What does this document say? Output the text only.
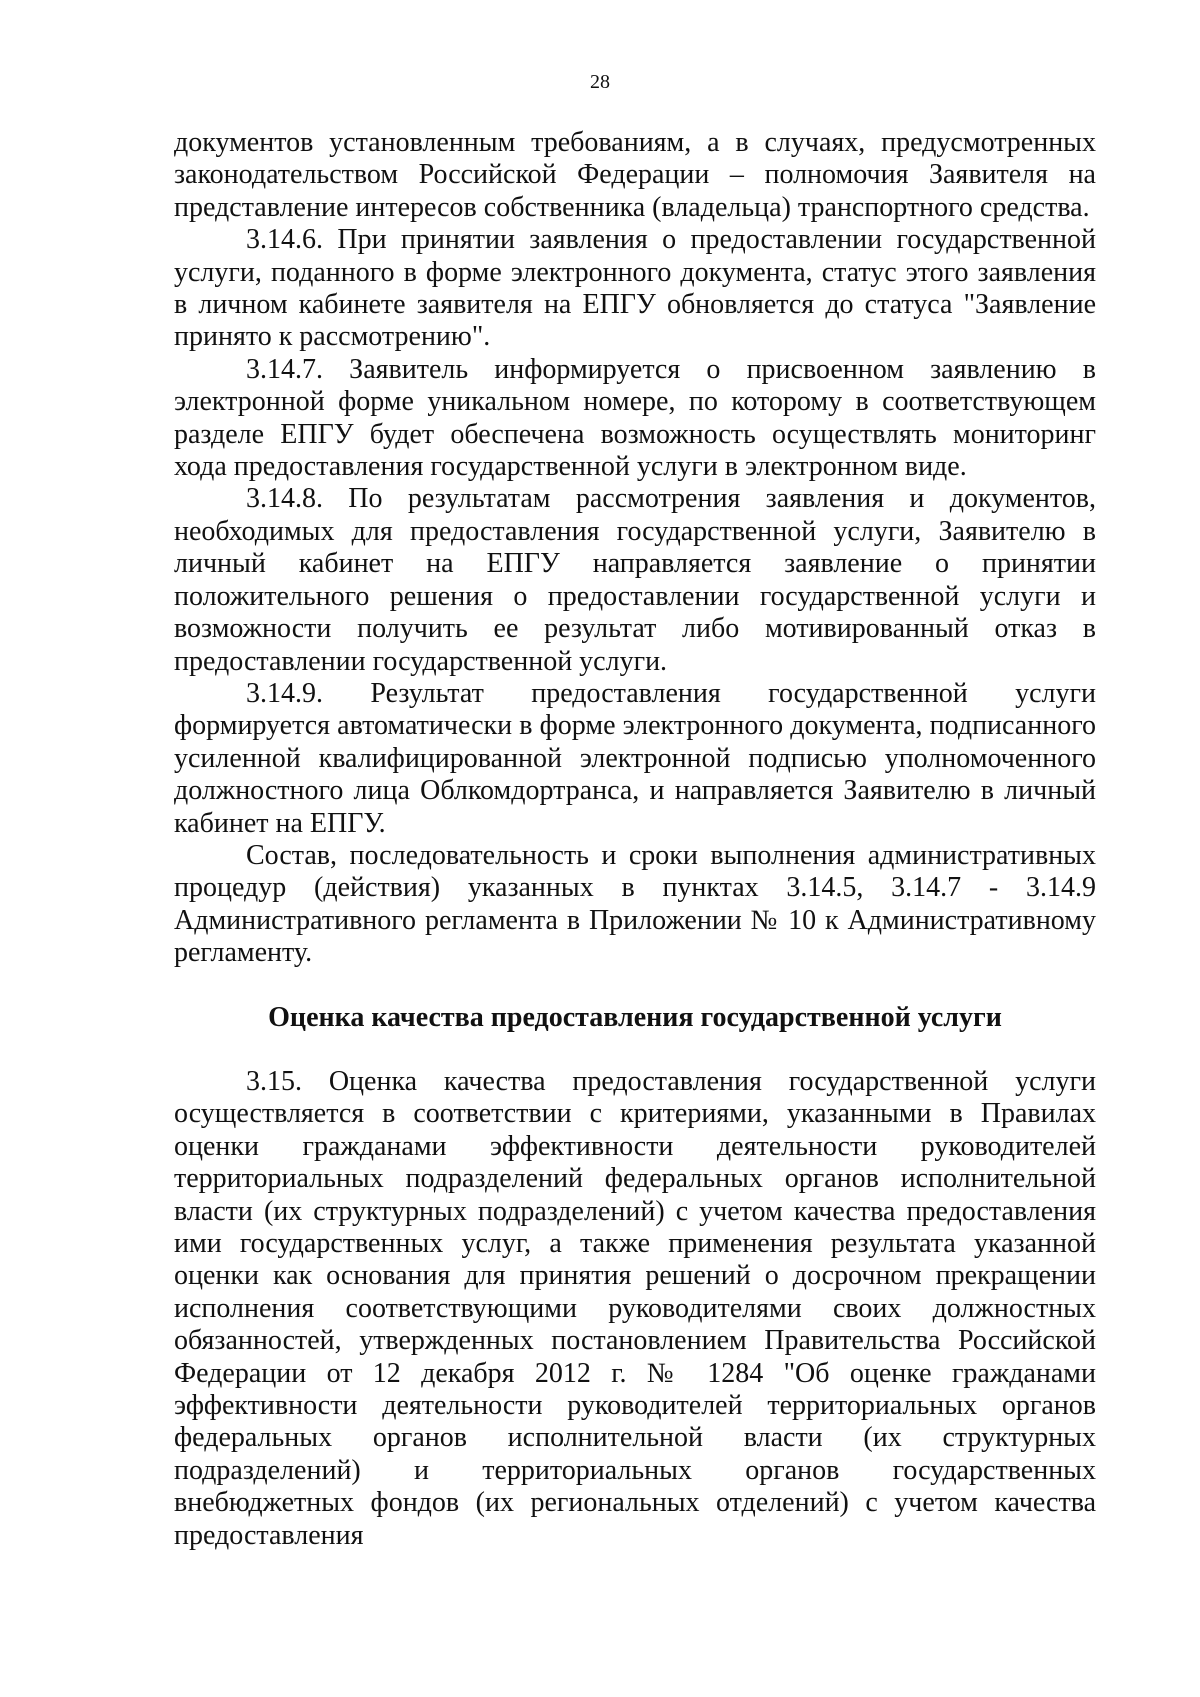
28

документов установленным требованиям, а в случаях, предусмотренных законодательством Российской Федерации – полномочия Заявителя на представление интересов собственника (владельца) транспортного средства.

3.14.6. При принятии заявления о предоставлении государственной услуги, поданного в форме электронного документа, статус этого заявления в личном кабинете заявителя на ЕПГУ обновляется до статуса "Заявление принято к рассмотрению".

3.14.7. Заявитель информируется о присвоенном заявлению в электронной форме уникальном номере, по которому в соответствующем разделе ЕПГУ будет обеспечена возможность осуществлять мониторинг хода предоставления государственной услуги в электронном виде.

3.14.8. По результатам рассмотрения заявления и документов, необходимых для предоставления государственной услуги, Заявителю в личный кабинет на ЕПГУ направляется заявление о принятии положительного решения о предоставлении государственной услуги и возможности получить ее результат либо мотивированный отказ в предоставлении государственной услуги.

3.14.9. Результат предоставления государственной услуги формируется автоматически в форме электронного документа, подписанного усиленной квалифицированной электронной подписью уполномоченного должностного лица Облкомдортранса, и направляется Заявителю в личный кабинет на ЕПГУ.

Состав, последовательность и сроки выполнения административных процедур (действия) указанных в пунктах 3.14.5, 3.14.7 - 3.14.9 Административного регламента в Приложении № 10 к Административному регламенту.

Оценка качества предоставления государственной услуги

3.15. Оценка качества предоставления государственной услуги осуществляется в соответствии с критериями, указанными в Правилах оценки гражданами эффективности деятельности руководителей территориальных подразделений федеральных органов исполнительной власти (их структурных подразделений) с учетом качества предоставления ими государственных услуг, а также применения результата указанной оценки как основания для принятия решений о досрочном прекращении исполнения соответствующими руководителями своих должностных обязанностей, утвержденных постановлением Правительства Российской Федерации от 12 декабря 2012 г. № 1284 "Об оценке гражданами эффективности деятельности руководителей территориальных органов федеральных органов исполнительной власти (их структурных подразделений) и территориальных органов государственных внебюджетных фондов (их региональных отделений) с учетом качества предоставления
